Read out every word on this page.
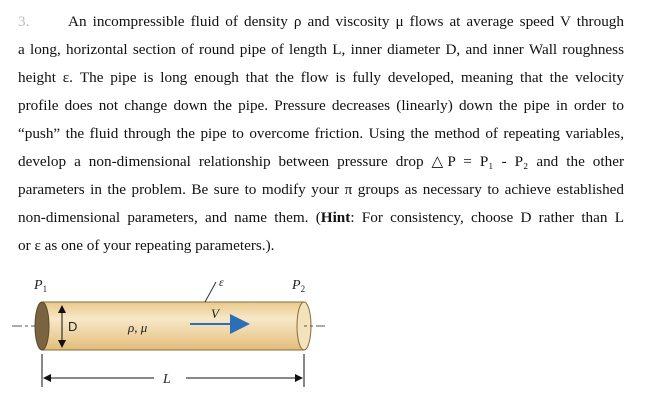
3.	An incompressible fluid of density ρ and viscosity μ flows at average speed V through
a long, horizontal section of round pipe of length L, inner diameter D, and inner Wall roughness
height ε. The pipe is long enough that the flow is fully developed, meaning that the velocity
profile does not change down the pipe. Pressure decreases (linearly) down the pipe in order to
“push” the fluid through the pipe to overcome friction. Using the method of repeating variables,
develop a non-dimensional relationship between pressure drop △P = P₁ - P₂ and the other
parameters in the problem. Be sure to modify your π groups as necessary to achieve established
non-dimensional parameters, and name them. (Hint: For consistency, choose D rather than L
or ε as one of your repeating parameters.).
D	ρ, μ
V
ε
$P_1$	$P_2$
L
